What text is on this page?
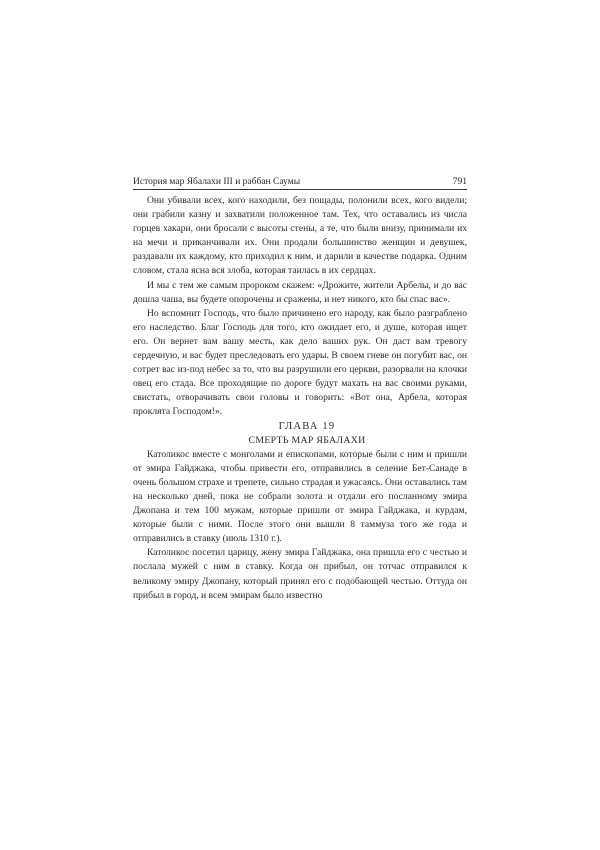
История мар Ябалахи III и раббан Саумы	791

Они убивали всех, кого находили, без пощады, полонили всех, кого видели; они грабили казну и захватили положенное там. Тех, что оставались из числа горцев хакари, они бросали с высоты стены, а те, что были внизу, принимали их на мечи и приканчивали их. Они продали большинство женщин и девушек, раздавали их каждому, кто приходил к ним, и дарили в качестве подарка. Одним словом, стала ясна вся злоба, которая таилась в их сердцах.

И мы с тем же самым пророком скажем: «Дрожите, жители Арбелы, и до вас дошла чаша, вы будете опорочены и сражены, и нет никого, кто бы спас вас».

Но вспомнит Господь, что было причинено его народу, как было разграблено его наследство. Благ Господь для того, кто ожидает его, и душе, которая ищет его. Он вернет вам вашу месть, как дело ваших рук. Он даст вам тревогу сердечную, и вас будет преследовать его удары. В своем гневе он погубит вас, он сотрет вас из-под небес за то, что вы разрушили его церкви, разорвали на клочки овец его стада. Все проходящие по дороге будут махать на вас своими руками, свистать, отворачивать свои головы и говорить: «Вот она, Арбела, которая проклята Господом!».

ГЛАВА 19

СМЕРТЬ МАР ЯБАЛАХИ

Католикос вместе с монголами и епископами, которые были с ним и пришли от эмира Гайджака, чтобы привести его, отправились в селение Бет-Санаде в очень большом страхе и трепете, сильно страдая и ужасаясь. Они оставались там на несколько дней, пока не собрали золота и отдали его посланному эмира Джопана и тем 100 мужам, которые пришли от эмира Гайджака, и курдам, которые были с ними. После этого они вышли 8 таммуза того же года и отправились в ставку (июль 1310 г.).

Католикос посетил царицу, жену эмира Гайджака, она пришла его с честью и послала мужей с ним в ставку. Когда он прибыл, он тотчас отправился к великому эмиру Джопану, который принял его с подобающей честью. Оттуда он прибыл в город, и всем эмирам было известно
